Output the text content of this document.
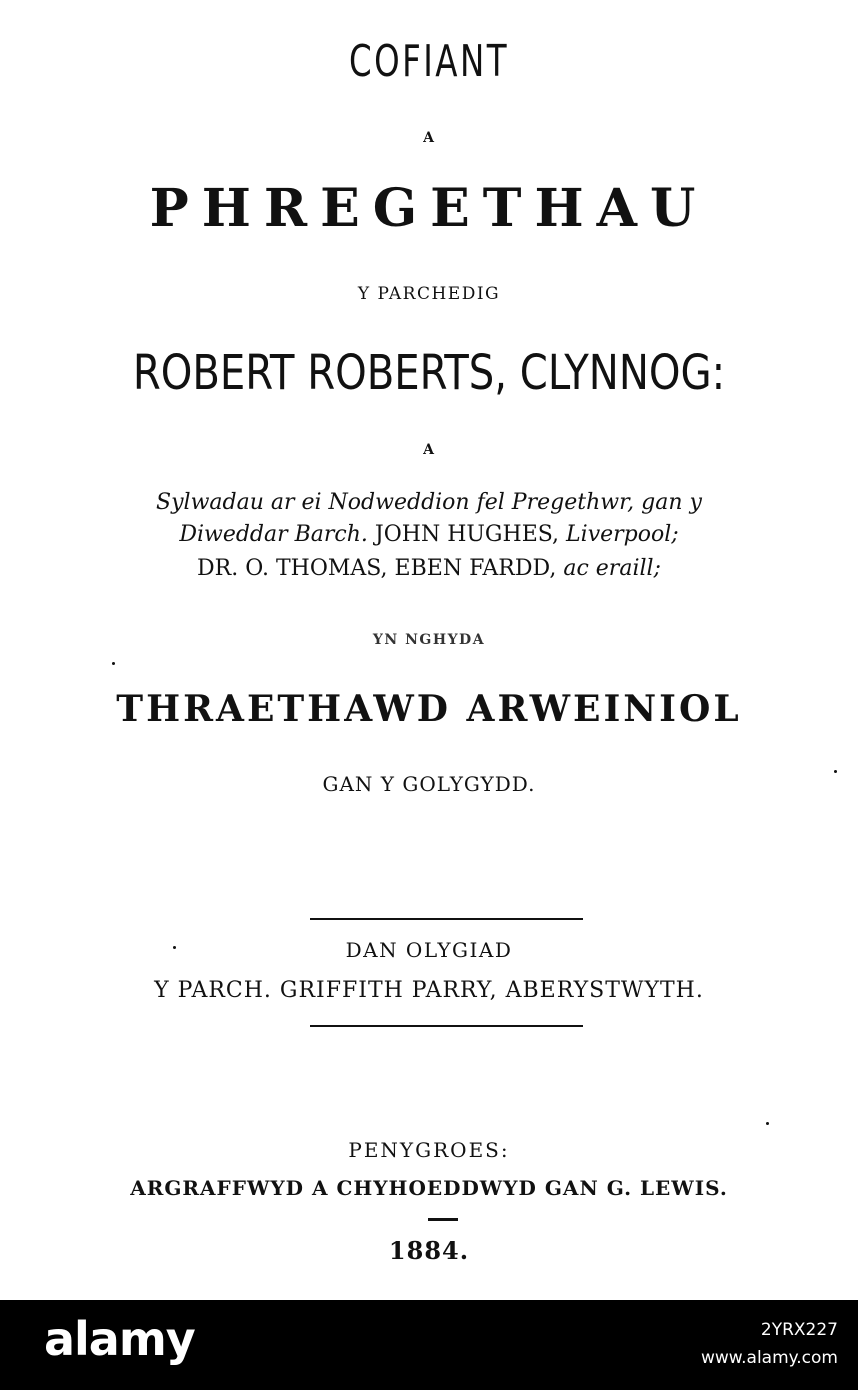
COFIANT
A
PHREGETHAU
Y PARCHEDIG
ROBERT ROBERTS, CLYNNOG:
A
Sylwadau ar ei Nodweddion fel Pregethwr, gan y
Diweddar Barch. JOHN HUGHES, Liverpool;
DR. O. THOMAS, EBEN FARDD, ac eraill;
YN NGHYDA
THRAETHAWD ARWEINIOL
GAN Y GOLYGYDD.
DAN OLYGIAD
Y PARCH. GRIFFITH PARRY, ABERYSTWYTH.
PENYGROES:
ARGRAFFWYD A CHYHOEDDWYD GAN G. LEWIS.
1884.
alamy	2YRX227
www.alamy.com
